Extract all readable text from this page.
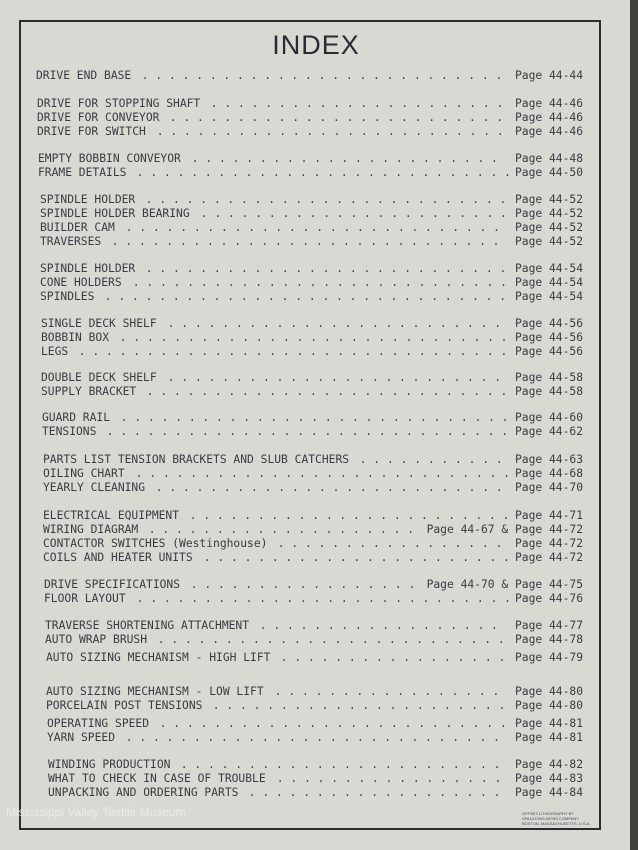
INDEX
DRIVE END BASE	Page 44-44
. . . . . . . . . . . . . . . . . . . . . . . . . . .
DRIVE FOR STOPPING SHAFT	Page 44-46
. . . . . . . . . . . . . . . . . . . . . .
DRIVE FOR CONVEYOR	Page 44-46
. . . . . . . . . . . . . . . . . . . . . . . . .
DRIVE FOR SWITCH	Page 44-46
. . . . . . . . . . . . . . . . . . . . . . . . . .
EMPTY BOBBIN CONVEYOR	Page 44-48
. . . . . . . . . . . . . . . . . . . . . . .
FRAME DETAILS	Page 44-50
. . . . . . . . . . . . . . . . . . . . . . . . . . . .
SPINDLE HOLDER	Page 44-52
. . . . . . . . . . . . . . . . . . . . . . . . . . .
SPINDLE HOLDER BEARING	Page 44-52
. . . . . . . . . . . . . . . . . . . . . . .
BUILDER CAM	Page 44-52
. . . . . . . . . . . . . . . . . . . . . . . . . . . .
TRAVERSES	Page 44-52
. . . . . . . . . . . . . . . . . . . . . . . . . . . . .
SPINDLE HOLDER	Page 44-54
. . . . . . . . . . . . . . . . . . . . . . . . . . .
CONE HOLDERS	Page 44-54
. . . . . . . . . . . . . . . . . . . . . . . . . . . .
SPINDLES	Page 44-54
. . . . . . . . . . . . . . . . . . . . . . . . . . . . . .
SINGLE DECK SHELF	Page 44-56
. . . . . . . . . . . . . . . . . . . . . . . . .
BOBBIN BOX	Page 44-56
. . . . . . . . . . . . . . . . . . . . . . . . . . . . .
LEGS	Page 44-56
. . . . . . . . . . . . . . . . . . . . . . . . . . . . . . . .
DOUBLE DECK SHELF	Page 44-58
. . . . . . . . . . . . . . . . . . . . . . . . .
SUPPLY BRACKET	Page 44-58
. . . . . . . . . . . . . . . . . . . . . . . . . . .
GUARD RAIL	Page 44-60
. . . . . . . . . . . . . . . . . . . . . . . . . . . . .
TENSIONS	Page 44-62
. . . . . . . . . . . . . . . . . . . . . . . . . . . . . .
PARTS LIST TENSION BRACKETS AND SLUB CATCHERS	Page 44-63
. . . . . . . . . . .
OILING CHART	Page 44-68
. . . . . . . . . . . . . . . . . . . . . . . . . . . .
YEARLY CLEANING	Page 44-70
. . . . . . . . . . . . . . . . . . . . . . . . . .
ELECTRICAL EQUIPMENT	Page 44-71
. . . . . . . . . . . . . . . . . . . . . . . .
WIRING DIAGRAM	Page 44-67 & Page 44-72
. . . . . . . . . . . . . . . . . . . .
CONTACTOR SWITCHES (Westinghouse)	Page 44-72
. . . . . . . . . . . . . . . . .
COILS AND HEATER UNITS	Page 44-72
. . . . . . . . . . . . . . . . . . . . . . .
DRIVE SPECIFICATIONS	Page 44-70 & Page 44-75
. . . . . . . . . . . . . . . . .
FLOOR LAYOUT	Page 44-76
. . . . . . . . . . . . . . . . . . . . . . . . . . . .
TRAVERSE SHORTENING ATTACHMENT	Page 44-77
. . . . . . . . . . . . . . . . . .
AUTO WRAP BRUSH	Page 44-78
. . . . . . . . . . . . . . . . . . . . . . . . . .
AUTO SIZING MECHANISM - HIGH LIFT	Page 44-79
. . . . . . . . . . . . . . . . .
AUTO SIZING MECHANISM - LOW LIFT	Page 44-80
. . . . . . . . . . . . . . . . .
PORCELAIN POST TENSIONS	Page 44-80
. . . . . . . . . . . . . . . . . . . . . .
OPERATING SPEED	Page 44-81
. . . . . . . . . . . . . . . . . . . . . . . . . .
YARN SPEED	Page 44-81
. . . . . . . . . . . . . . . . . . . . . . . . . . . .
WINDING PRODUCTION	Page 44-82
. . . . . . . . . . . . . . . . . . . . . . . .
WHAT TO CHECK IN CASE OF TROUBLE	Page 44-83
. . . . . . . . . . . . . . . . .
UNPACKING AND ORDERING PARTS	Page 44-84
. . . . . . . . . . . . . . . . . . .
OFFSET-LITHOGRAPHY BY SPAULDING-MOSS COMPANY BOSTON, MASSACHUSETTS, U.S.A.
Mississippi Valley Textile Museum
